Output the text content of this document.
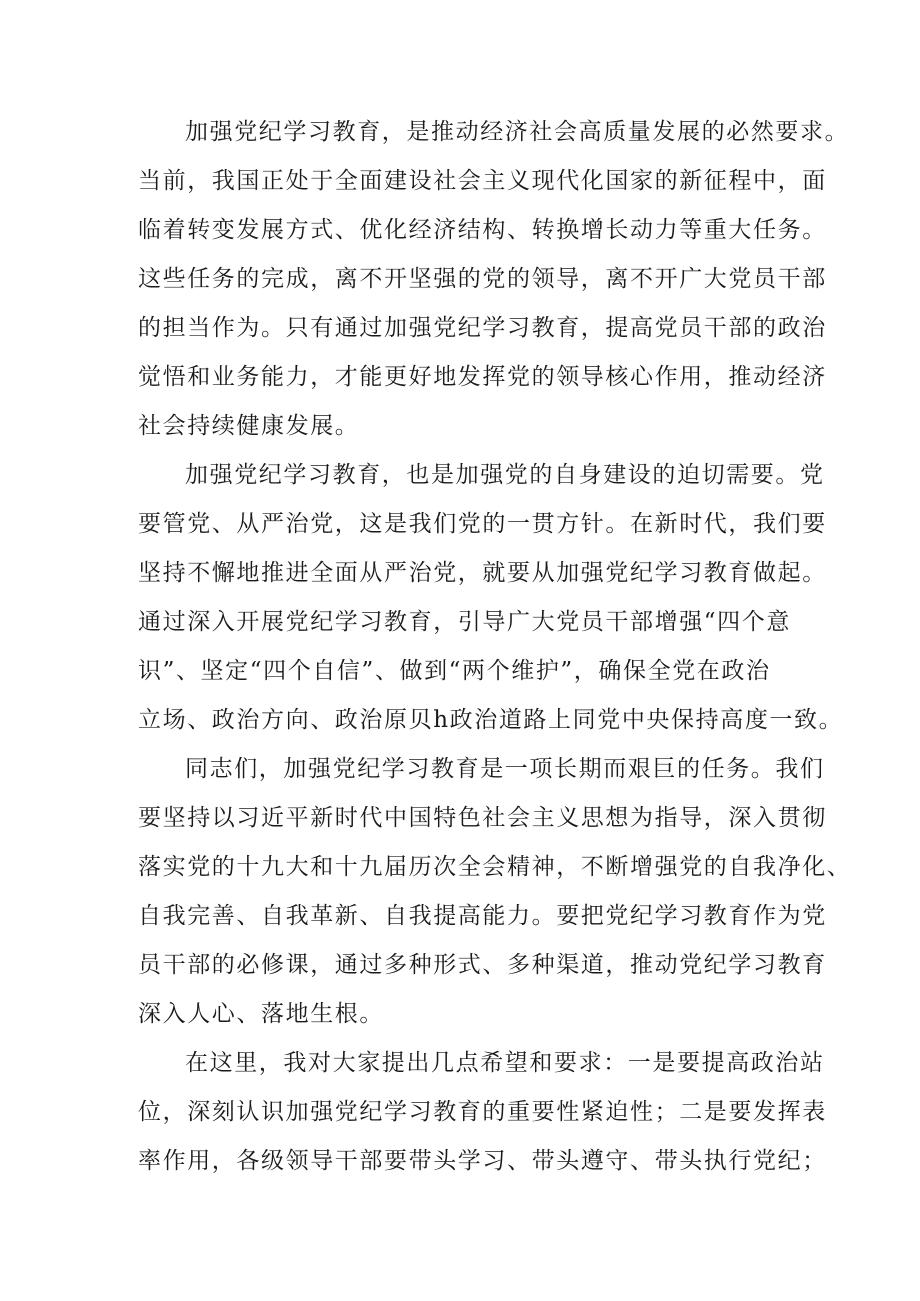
加强党纪学习教育，是推动经济社会高质量发展的必然要求。
当前，我国正处于全面建设社会主义现代化国家的新征程中，面
临着转变发展方式、优化经济结构、转换增长动力等重大任务。
这些任务的完成，离不开坚强的党的领导，离不开广大党员干部
的担当作为。只有通过加强党纪学习教育，提高党员干部的政治
觉悟和业务能力，才能更好地发挥党的领导核心作用，推动经济
社会持续健康发展。
加强党纪学习教育，也是加强党的自身建设的迫切需要。党
要管党、从严治党，这是我们党的一贯方针。在新时代，我们要
坚持不懈地推进全面从严治党，就要从加强党纪学习教育做起。
通过深入开展党纪学习教育，引导广大党员干部增强“四个意
识”、坚定“四个自信”、做到“两个维护”，确保全党在政治
立场、政治方向、政治原贝h政治道路上同党中央保持高度一致。
同志们，加强党纪学习教育是一项长期而艰巨的任务。我们
要坚持以习近平新时代中国特色社会主义思想为指导，深入贯彻
落实党的十九大和十九届历次全会精神，不断增强党的自我净化、
自我完善、自我革新、自我提高能力。要把党纪学习教育作为党
员干部的必修课，通过多种形式、多种渠道，推动党纪学习教育
深入人心、落地生根。
在这里，我对大家提出几点希望和要求：一是要提高政治站
位，深刻认识加强党纪学习教育的重要性紧迫性；二是要发挥表
率作用，各级领导干部要带头学习、带头遵守、带头执行党纪；
